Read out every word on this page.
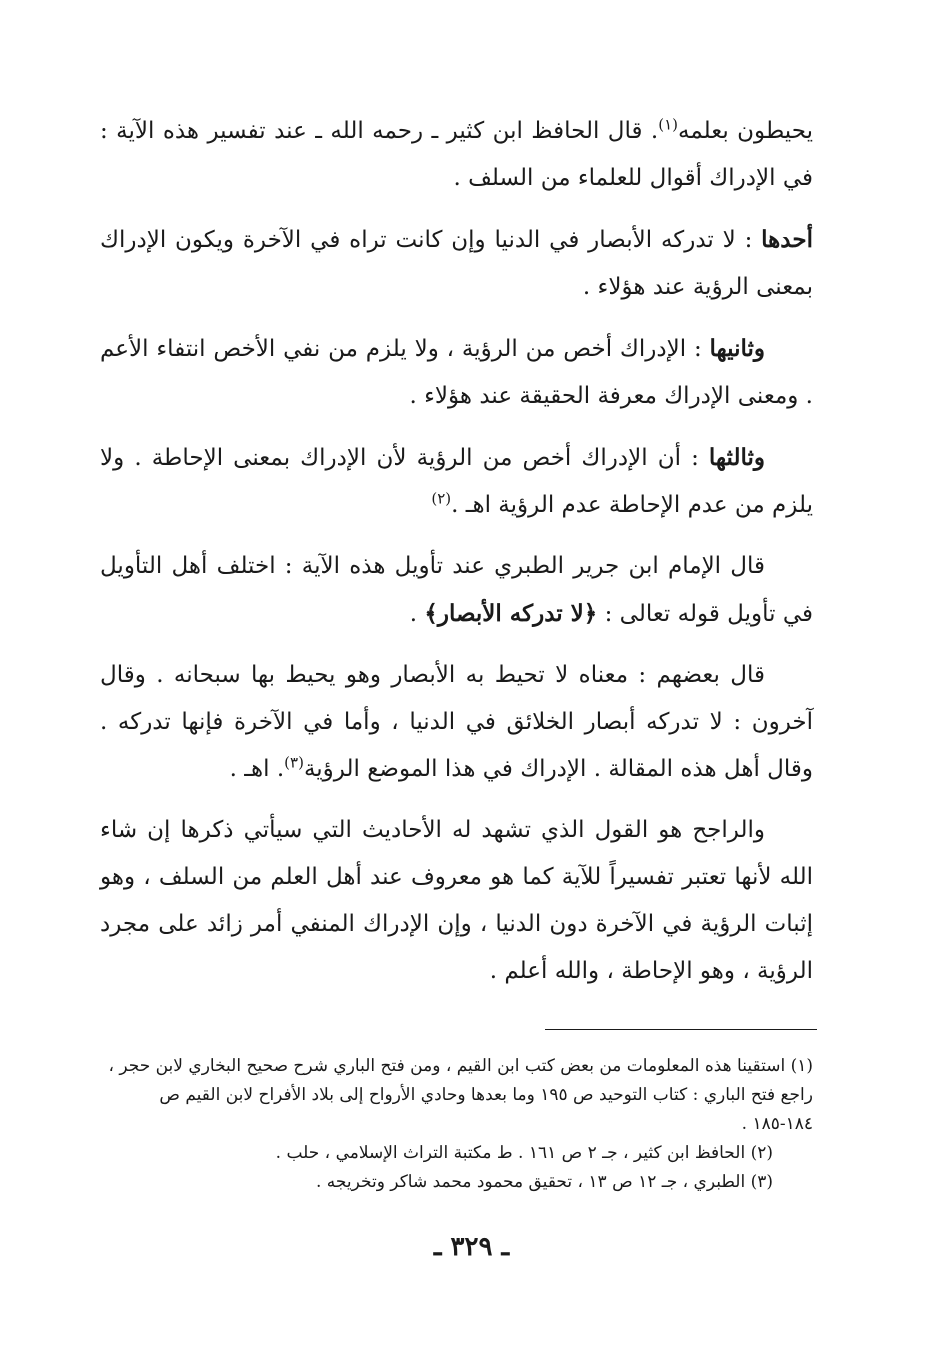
يحيطون بعلمه$^{(١)}$. قال الحافظ ابن كثير ـ رحمه الله ـ عند تفسير هذه الآية : في الإدراك أقوال للعلماء من السلف .

أحدها : لا تدركه الأبصار في الدنيا وإن كانت تراه في الآخرة ويكون الإدراك بمعنى الرؤية عند هؤلاء .

وثانيها : الإدراك أخص من الرؤية ، ولا يلزم من نفي الأخص انتفاء الأعم . ومعنى الإدراك معرفة الحقيقة عند هؤلاء .

وثالثها : أن الإدراك أخص من الرؤية لأن الإدراك بمعنى الإحاطة . ولا يلزم من عدم الإحاطة عدم الرؤية اهـ .$^{(٢)}$

قال الإمام ابن جرير الطبري عند تأويل هذه الآية : اختلف أهل التأويل في تأويل قوله تعالى : ﴿لا تدركه الأبصار﴾ .

قال بعضهم : معناه لا تحيط به الأبصار وهو يحيط بها سبحانه . وقال آخرون : لا تدركه أبصار الخلائق في الدنيا ، وأما في الآخرة فإنها تدركه . وقال أهل هذه المقالة . الإدراك في هذا الموضع الرؤية$^{(٣)}$. اهـ .

والراجح هو القول الذي تشهد له الأحاديث التي سيأتي ذكرها إن شاء الله لأنها تعتبر تفسيراً للآية كما هو معروف عند أهل العلم من السلف ، وهو إثبات الرؤية في الآخرة دون الدنيا ، وإن الإدراك المنفي أمر زائد على مجرد الرؤية ، وهو الإحاطة ، والله أعلم .

(١) استقينا هذه المعلومات من بعض كتب ابن القيم ، ومن فتح الباري شرح صحيح البخاري لابن حجر ، راجع فتح الباري : كتاب التوحيد ص ١٩٥ وما بعدها وحادي الأرواح إلى بلاد الأفراح لابن القيم ص ١٨٤-١٨٥ .

(٢) الحافظ ابن كثير ، جـ ٢ ص ١٦١ . ط مكتبة التراث الإسلامي ، حلب .

(٣) الطبري ، جـ ١٢ ص ١٣ ، تحقيق محمود محمد شاكر وتخريجه .

ـ ٣٢٩ ـ
